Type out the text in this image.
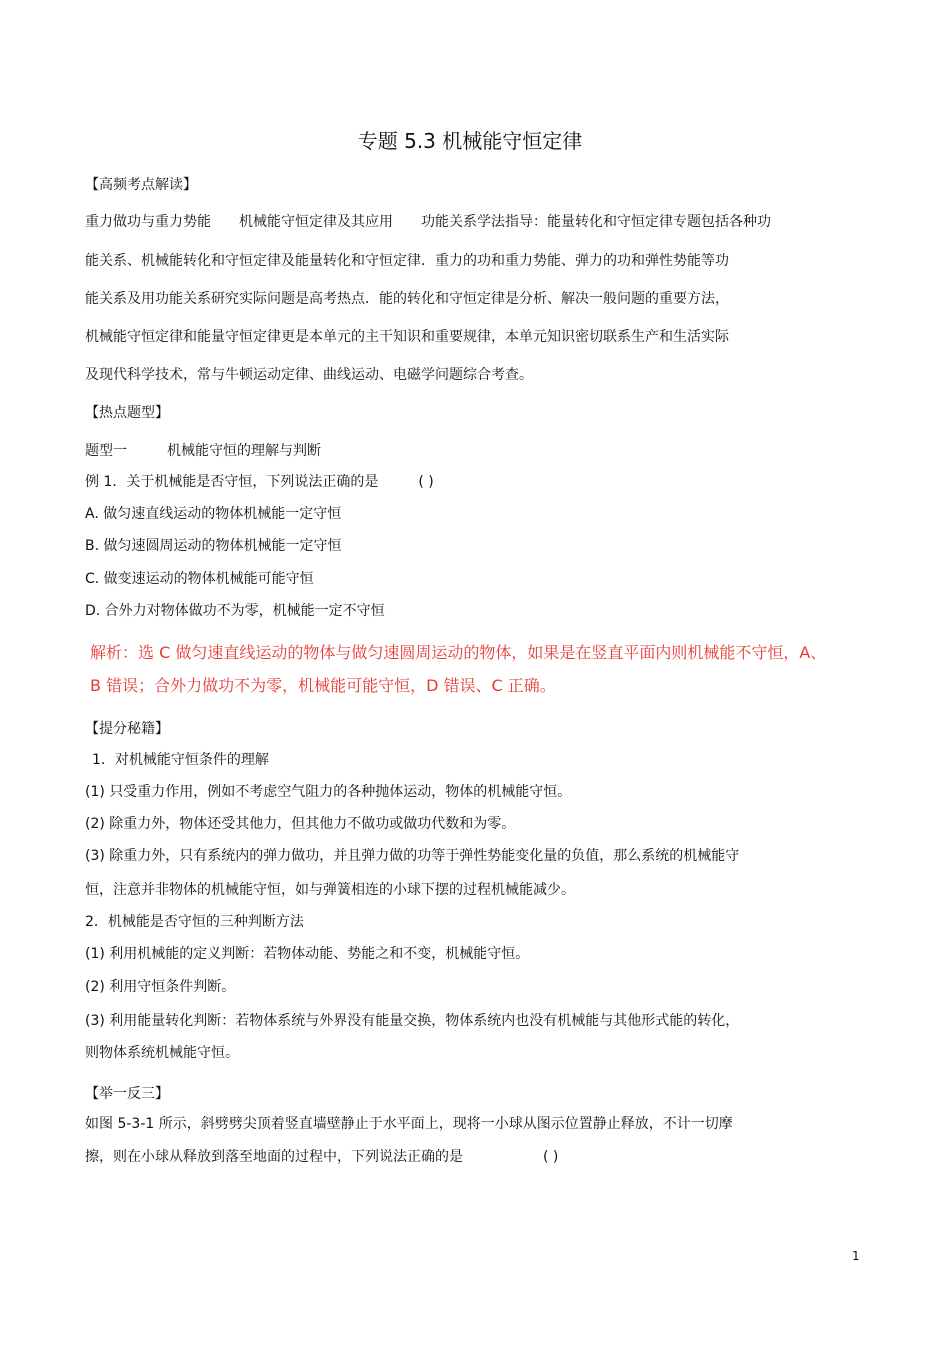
专题 5.3 机械能守恒定律
【高频考点解读】
重力做功与重力势能 机械能守恒定律及其应用 功能关系学法指导：能量转化和守恒定律专题包括各种功
能关系、机械能转化和守恒定律及能量转化和守恒定律．重力的功和重力势能、弹力的功和弹性势能等功
能关系及用功能关系研究实际问题是高考热点．能的转化和守恒定律是分析、解决一般问题的重要方法，
机械能守恒定律和能量守恒定律更是本单元的主干知识和重要规律，本单元知识密切联系生产和生活实际
及现代科学技术，常与牛顿运动定律、曲线运动、电磁学问题综合考查。
【热点题型】
题型一	机械能守恒的理解与判断
例 1．关于机械能是否守恒，下列说法正确的是	( )
A. 做匀速直线运动的物体机械能一定守恒
B. 做匀速圆周运动的物体机械能一定守恒
C. 做变速运动的物体机械能可能守恒
D. 合外力对物体做功不为零，机械能一定不守恒
解析：选 C 做匀速直线运动的物体与做匀速圆周运动的物体，如果是在竖直平面内则机械能不守恒，A、
B 错误；合外力做功不为零，机械能可能守恒，D 错误、C 正确。
【提分秘籍】
1．对机械能守恒条件的理解
(1) 只受重力作用，例如不考虑空气阻力的各种抛体运动，物体的机械能守恒。
(2) 除重力外，物体还受其他力，但其他力不做功或做功代数和为零。
(3) 除重力外，只有系统内的弹力做功，并且弹力做的功等于弹性势能变化量的负值，那么系统的机械能守
恒，注意并非物体的机械能守恒，如与弹簧相连的小球下摆的过程机械能减少。
2．机械能是否守恒的三种判断方法
(1) 利用机械能的定义判断：若物体动能、势能之和不变，机械能守恒。
(2) 利用守恒条件判断。
(3) 利用能量转化判断：若物体系统与外界没有能量交换，物体系统内也没有机械能与其他形式能的转化，
则物体系统机械能守恒。
【举一反三】
如图 5-3-1 所示，斜劈劈尖顶着竖直墙壁静止于水平面上，现将一小球从图示位置静止释放，不计一切摩
擦，则在小球从释放到落至地面的过程中，下列说法正确的是	( )
1
